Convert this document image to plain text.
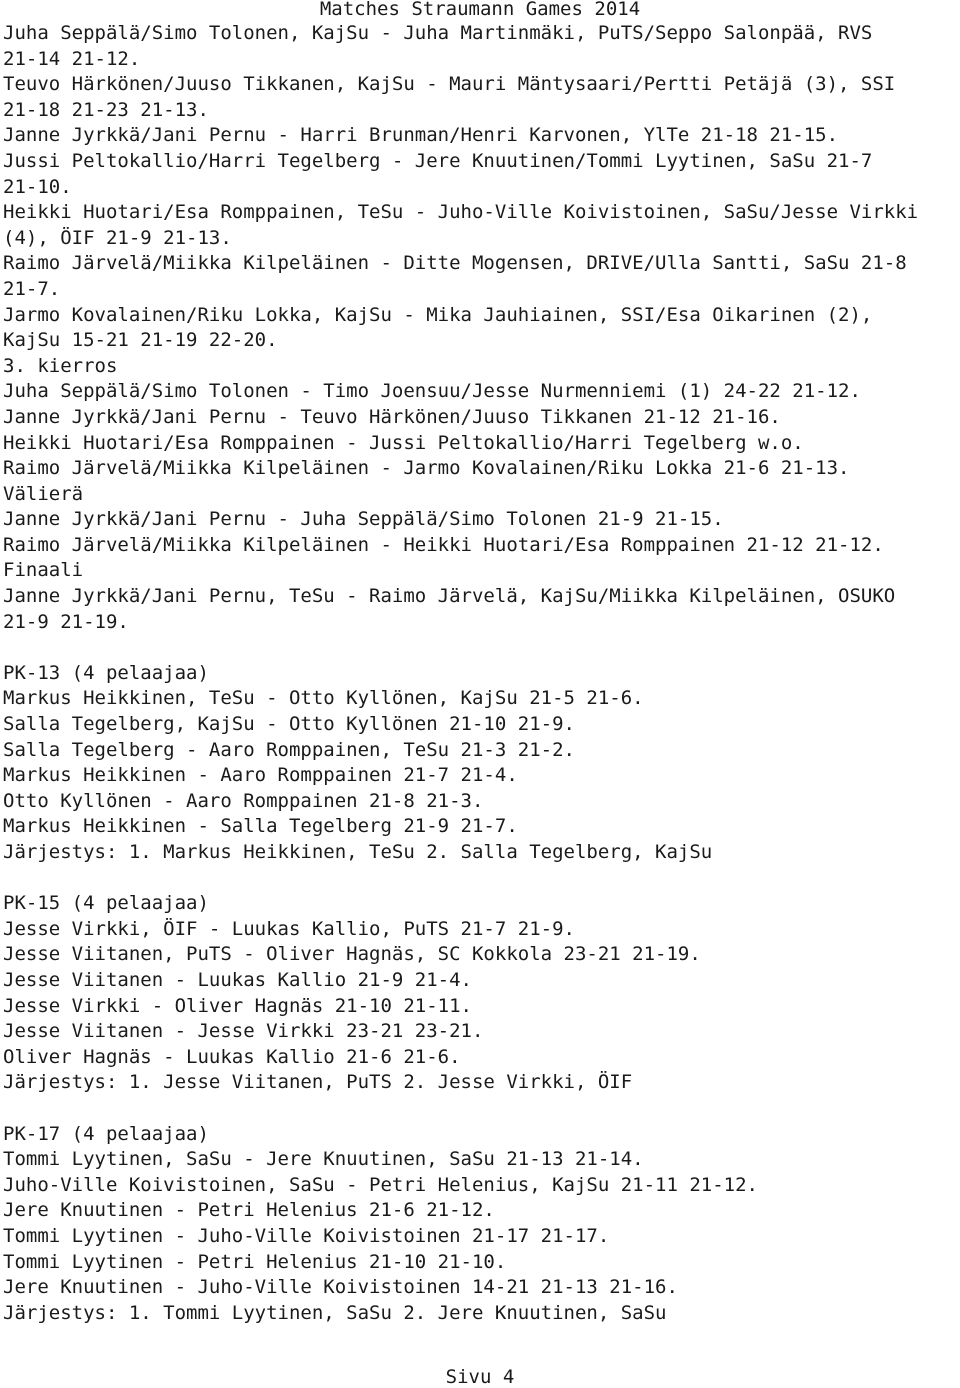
Matches Straumann Games 2014
Juha Seppälä/Simo Tolonen, KajSu - Juha Martinmäki, PuTS/Seppo Salonpää, RVS
21-14 21-12.
Teuvo Härkönen/Juuso Tikkanen, KajSu - Mauri Mäntysaari/Pertti Petäjä (3), SSI
21-18 21-23 21-13.
Janne Jyrkkä/Jani Pernu - Harri Brunman/Henri Karvonen, YlTe 21-18 21-15.
Jussi Peltokallio/Harri Tegelberg - Jere Knuutinen/Tommi Lyytinen, SaSu 21-7
21-10.
Heikki Huotari/Esa Romppainen, TeSu - Juho-Ville Koivistoinen, SaSu/Jesse Virkki
(4), ÖIF 21-9 21-13.
Raimo Järvelä/Miikka Kilpeläinen - Ditte Mogensen, DRIVE/Ulla Santti, SaSu 21-8
21-7.
Jarmo Kovalainen/Riku Lokka, KajSu - Mika Jauhiainen, SSI/Esa Oikarinen (2),
KajSu 15-21 21-19 22-20.
3. kierros
Juha Seppälä/Simo Tolonen - Timo Joensuu/Jesse Nurmenniemi (1) 24-22 21-12.
Janne Jyrkkä/Jani Pernu - Teuvo Härkönen/Juuso Tikkanen 21-12 21-16.
Heikki Huotari/Esa Romppainen - Jussi Peltokallio/Harri Tegelberg w.o.
Raimo Järvelä/Miikka Kilpeläinen - Jarmo Kovalainen/Riku Lokka 21-6 21-13.
Välierä
Janne Jyrkkä/Jani Pernu - Juha Seppälä/Simo Tolonen 21-9 21-15.
Raimo Järvelä/Miikka Kilpeläinen - Heikki Huotari/Esa Romppainen 21-12 21-12.
Finaali
Janne Jyrkkä/Jani Pernu, TeSu - Raimo Järvelä, KajSu/Miikka Kilpeläinen, OSUKO
21-9 21-19.
PK-13 (4 pelaajaa)
Markus Heikkinen, TeSu - Otto Kyllönen, KajSu 21-5 21-6.
Salla Tegelberg, KajSu - Otto Kyllönen 21-10 21-9.
Salla Tegelberg - Aaro Romppainen, TeSu 21-3 21-2.
Markus Heikkinen - Aaro Romppainen 21-7 21-4.
Otto Kyllönen - Aaro Romppainen 21-8 21-3.
Markus Heikkinen - Salla Tegelberg 21-9 21-7.
Järjestys: 1. Markus Heikkinen, TeSu 2. Salla Tegelberg, KajSu
PK-15 (4 pelaajaa)
Jesse Virkki, ÖIF - Luukas Kallio, PuTS 21-7 21-9.
Jesse Viitanen, PuTS - Oliver Hagnäs, SC Kokkola 23-21 21-19.
Jesse Viitanen - Luukas Kallio 21-9 21-4.
Jesse Virkki - Oliver Hagnäs 21-10 21-11.
Jesse Viitanen - Jesse Virkki 23-21 23-21.
Oliver Hagnäs - Luukas Kallio 21-6 21-6.
Järjestys: 1. Jesse Viitanen, PuTS 2. Jesse Virkki, ÖIF
PK-17 (4 pelaajaa)
Tommi Lyytinen, SaSu - Jere Knuutinen, SaSu 21-13 21-14.
Juho-Ville Koivistoinen, SaSu - Petri Helenius, KajSu 21-11 21-12.
Jere Knuutinen - Petri Helenius 21-6 21-12.
Tommi Lyytinen - Juho-Ville Koivistoinen 21-17 21-17.
Tommi Lyytinen - Petri Helenius 21-10 21-10.
Jere Knuutinen - Juho-Ville Koivistoinen 14-21 21-13 21-16.
Järjestys: 1. Tommi Lyytinen, SaSu 2. Jere Knuutinen, SaSu
Sivu 4
